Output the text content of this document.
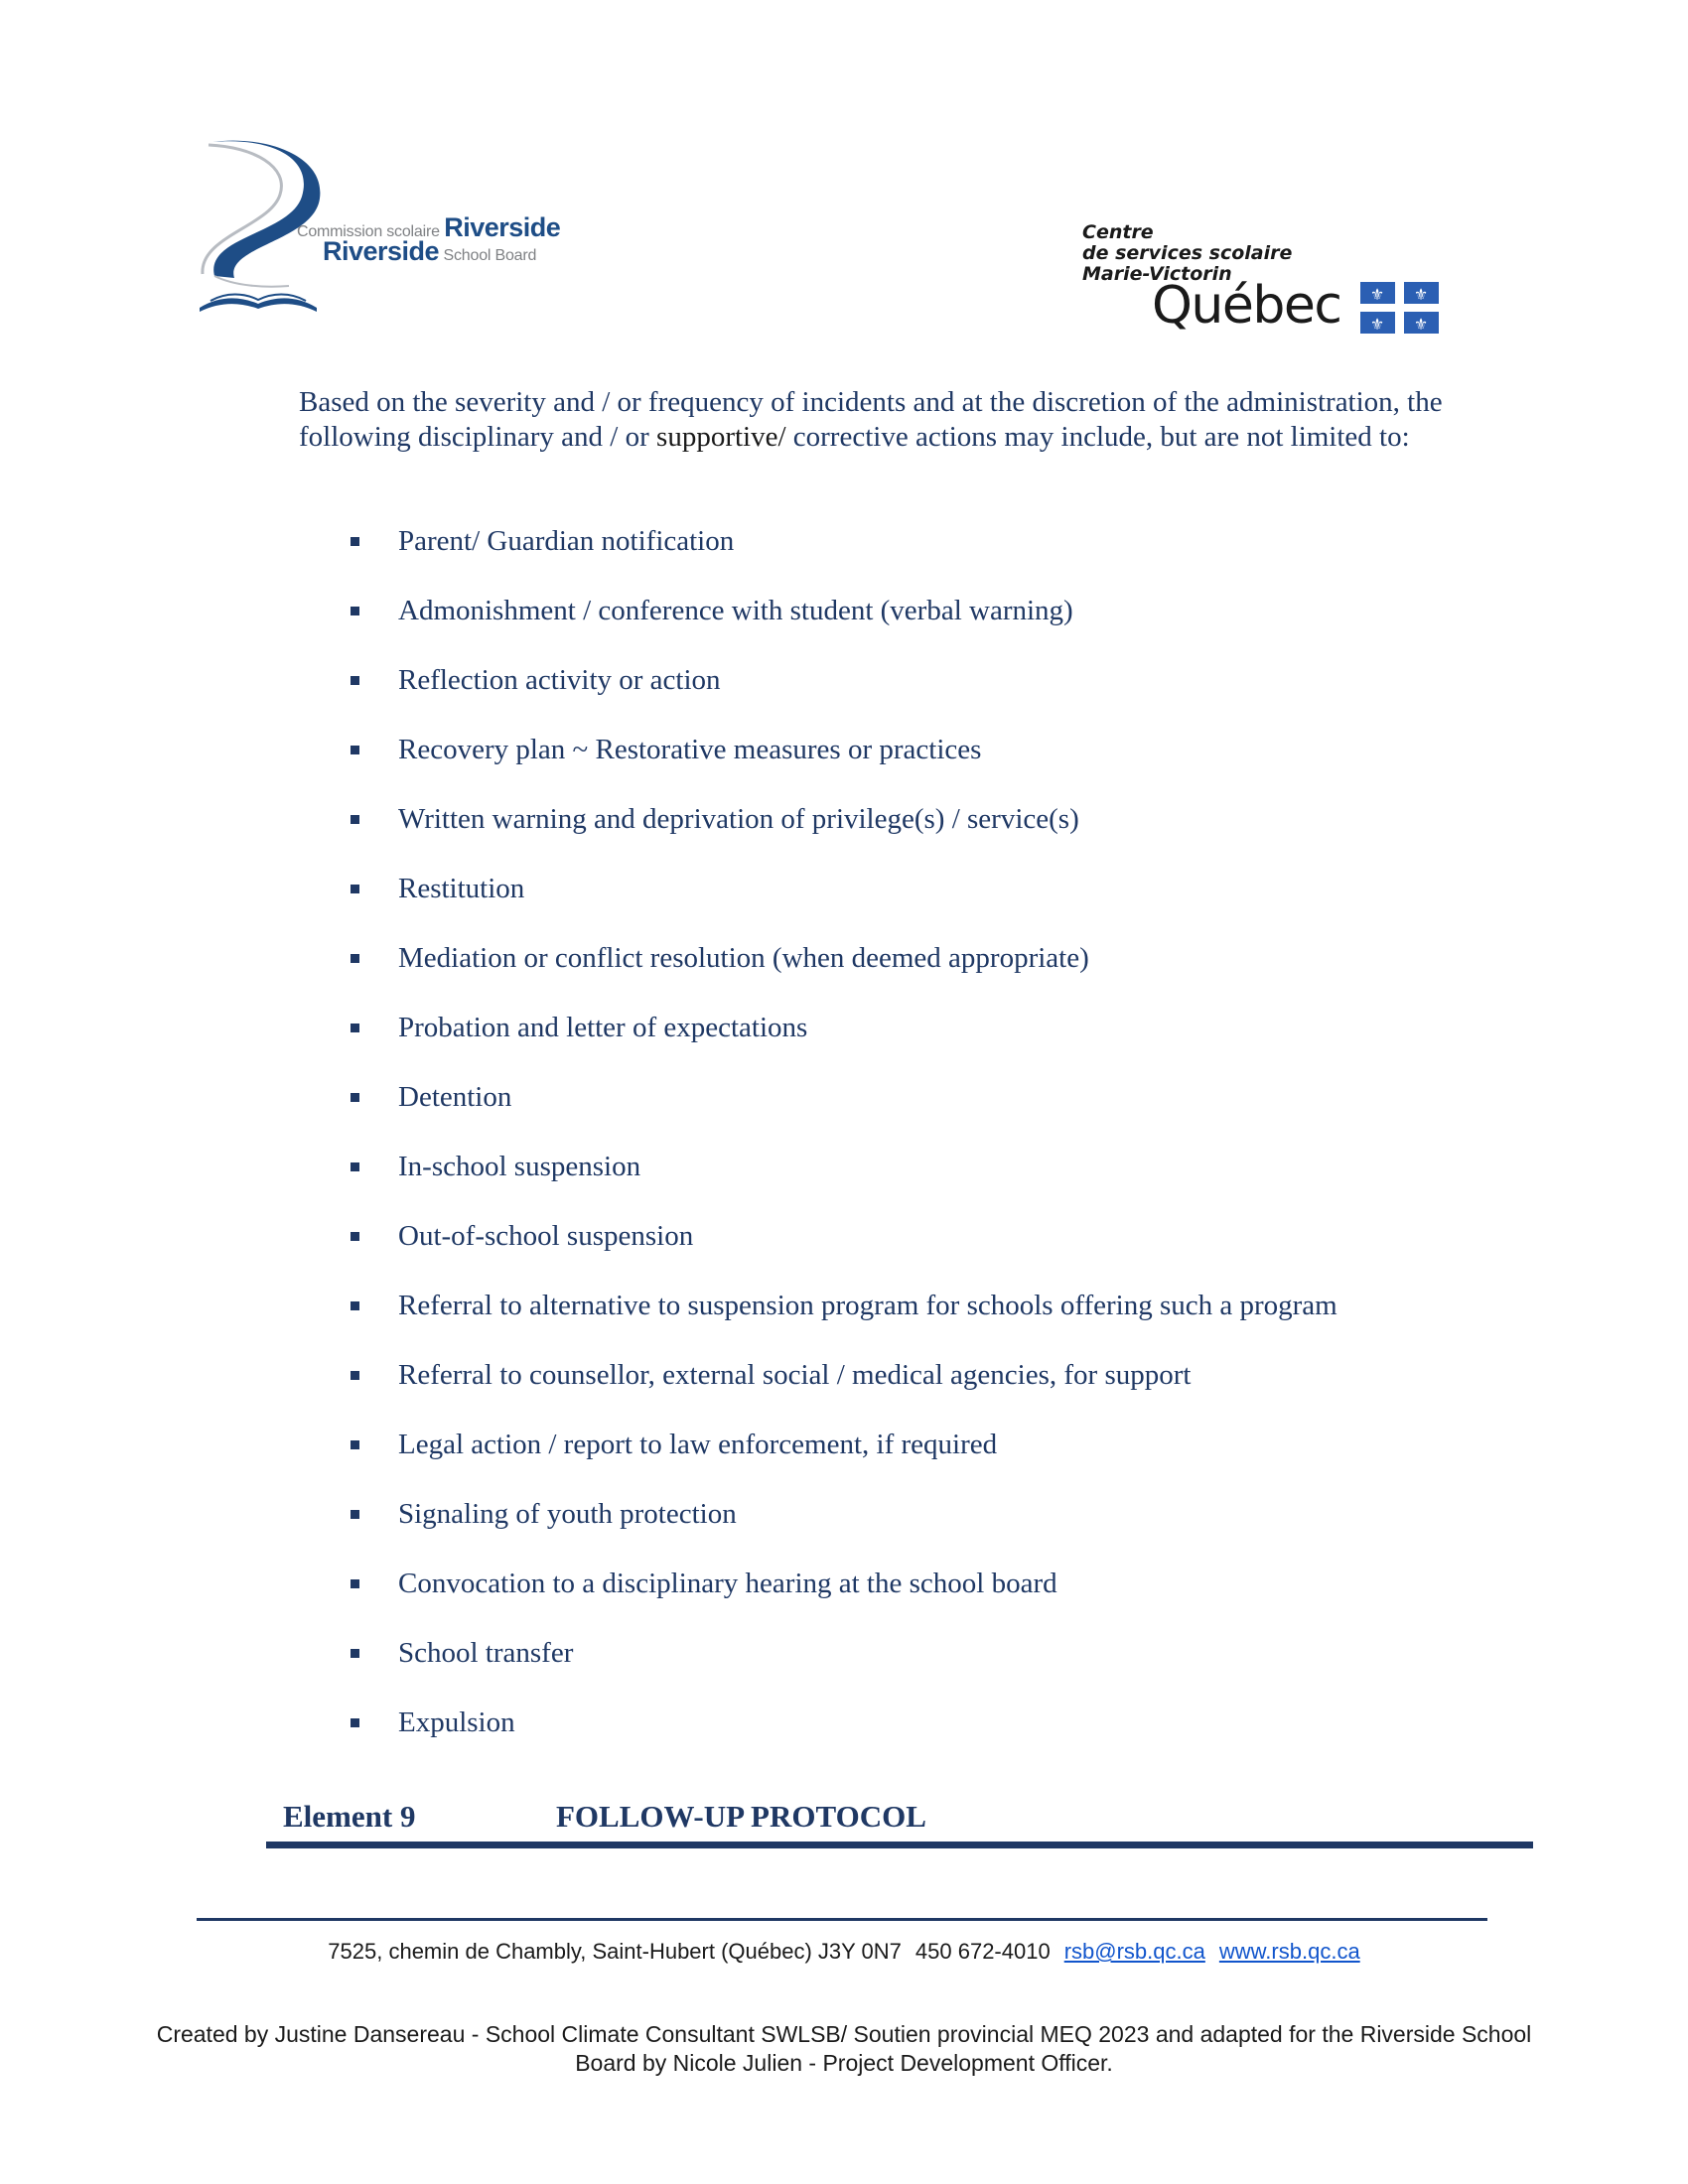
Commission scolaire Riverside
Riverside School Board
Centre
de services scolaire
Marie-Victorin
Québec ⚜ ⚜
⚜ ⚜

Based on the severity and / or frequency of incidents and at the discretion of the administration, the following disciplinary and / or supportive/ corrective actions may include, but are not limited to:

Parent/ Guardian notification
Admonishment / conference with student (verbal warning)
Reflection activity or action
Recovery plan ~ Restorative measures or practices
Written warning and deprivation of privilege(s) / service(s)
Restitution
Mediation or conflict resolution (when deemed appropriate)
Probation and letter of expectations
Detention
In-school suspension
Out-of-school suspension
Referral to alternative to suspension program for schools offering such a program
Referral to counsellor, external social / medical agencies, for support
Legal action / report to law enforcement, if required
Signaling of youth protection
Convocation to a disciplinary hearing at the school board
School transfer
Expulsion
Element 9	FOLLOW-UP PROTOCOL
7525, chemin de Chambly, Saint-Hubert (Québec) J3Y 0N7 450 672-4010 rsb@rsb.qc.ca www.rsb.qc.ca
Created by Justine Dansereau - School Climate Consultant SWLSB/ Soutien provincial MEQ 2023 and adapted for the Riverside School Board by Nicole Julien - Project Development Officer.
